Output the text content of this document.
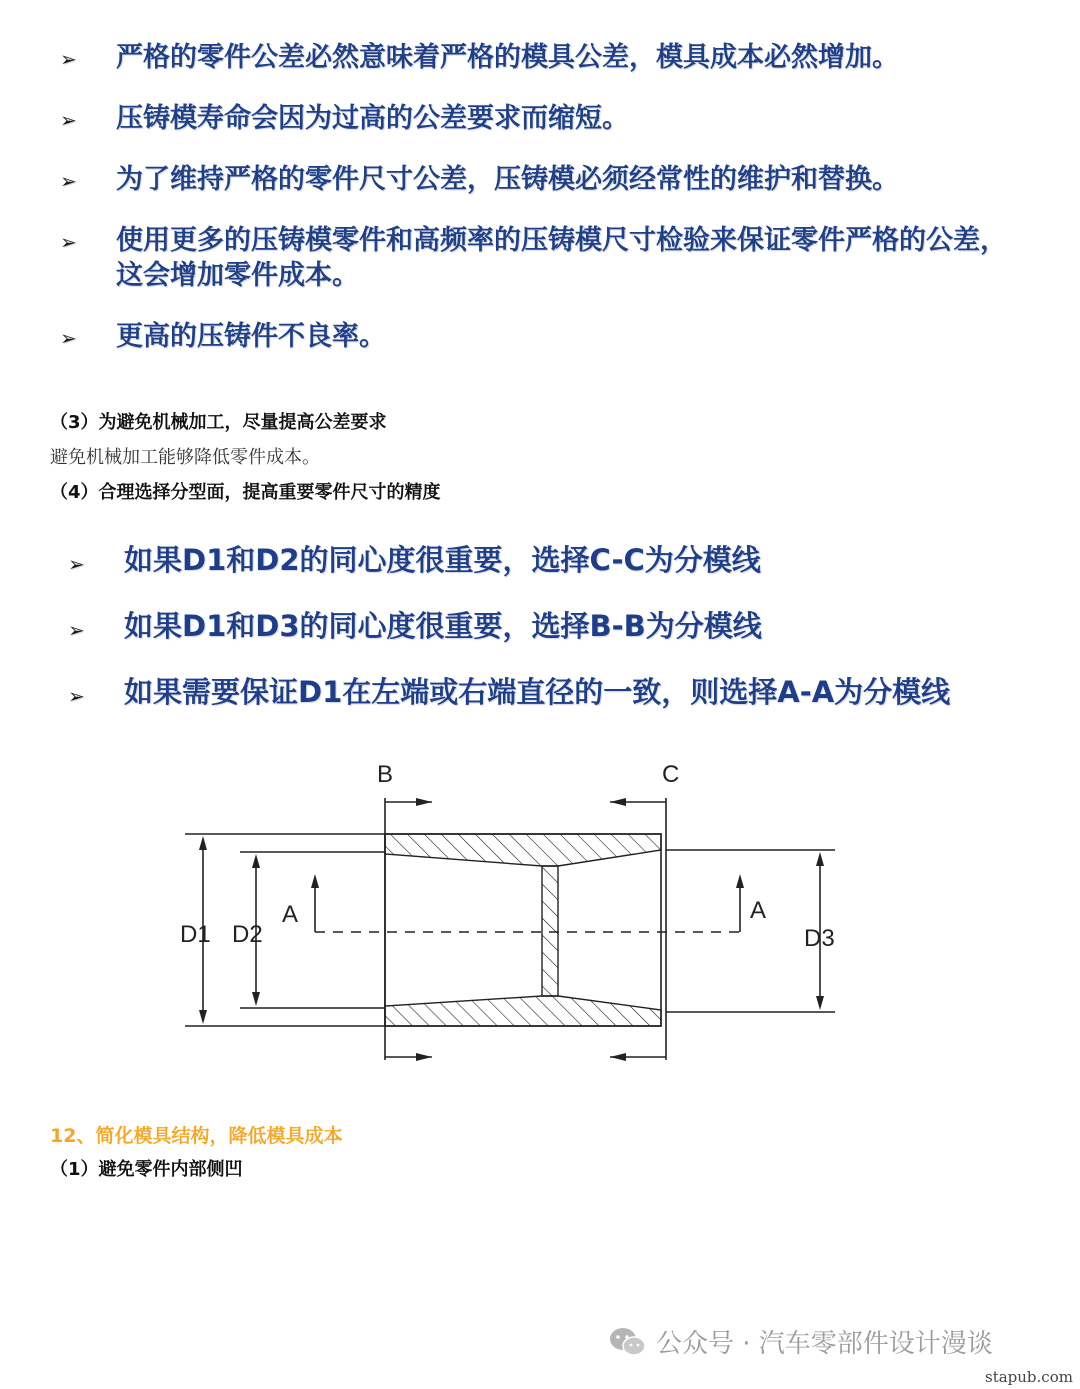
➢ 严格的零件公差必然意味着严格的模具公差，模具成本必然增加。
➢ 压铸模寿命会因为过高的公差要求而缩短。
➢ 为了维持严格的零件尺寸公差，压铸模必须经常性的维护和替换。
➢ 使用更多的压铸模零件和高频率的压铸模尺寸检验来保证零件严格的公差，这会增加零件成本。
➢ 更高的压铸件不良率。
（3）为避免机械加工，尽量提高公差要求
避免机械加工能够降低零件成本。
（4）合理选择分型面，提高重要零件尺寸的精度
➢ 如果D1和D2的同心度很重要，选择C-C为分模线
➢ 如果D1和D3的同心度很重要，选择B-B为分模线
➢ 如果需要保证D1在左端或右端直径的一致，则选择A-A为分模线
B	C
A	A
D1 D2	D3
12、简化模具结构，降低模具成本
（1）避免零件内部侧凹
公众号 · 汽车零部件设计漫谈
stapub.com
